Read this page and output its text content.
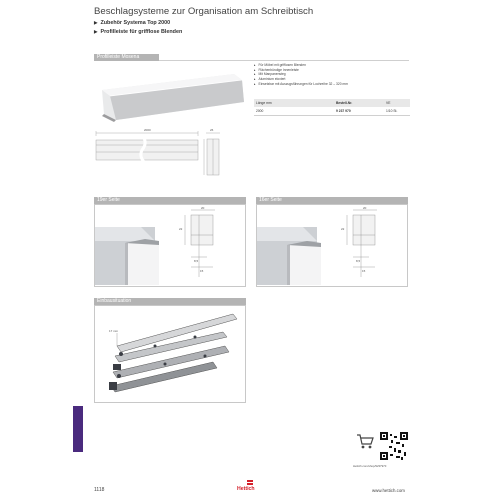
Beschlagsysteme zur Organisation am Schreibtisch
▶ Zubehör Systema Top 2000
▶ Profilleiste für grifflose Blenden
Profilleiste Mosena
▸ Für Möbel mit grifflosen Blenden
▸ Flächenbündige Innenleiste
▸ Mit Manpanensteg
▸ Aluminium eloxiert
▸ Einsetzbar mit Auszugsführungen für Lochreihe 32 – 320 mm
Länge mm	Bestell-Nr.	VE
2000	9 237 970	1/10 St.
2000	26
19er Seite
20
22
8,5
15
16er Seite
20
22
8,5
15
Einbausituation
17 mm
Hettich.com/shop/9237970
1118	Hettich	www.hettich.com
